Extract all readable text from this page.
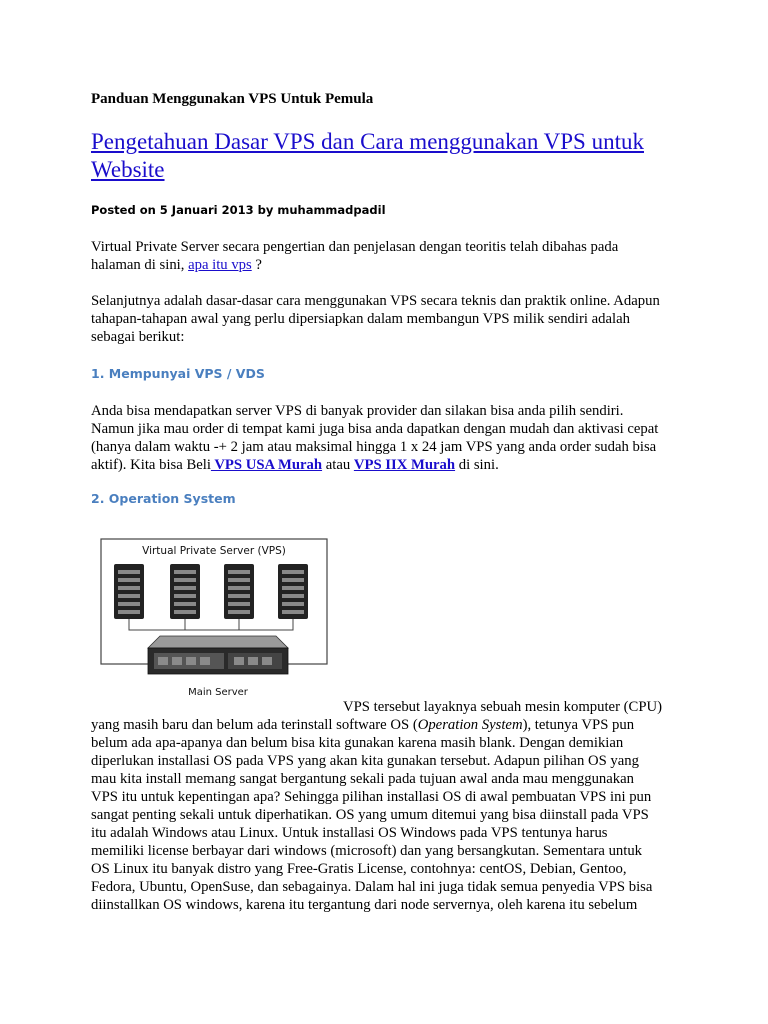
Panduan Menggunakan VPS Untuk Pemula
Pengetahuan Dasar VPS dan Cara menggunakan VPS untuk Website
Posted on 5 Januari 2013 by muhammadpadil
Virtual Private Server secara pengertian dan penjelasan dengan teoritis telah dibahas pada
halaman di sini, apa itu vps ?
Selanjutnya adalah dasar-dasar cara menggunakan VPS secara teknis dan praktik online. Adapun
tahapan-tahapan awal yang perlu dipersiapkan dalam membangun VPS milik sendiri adalah
sebagai berikut:
1. Mempunyai VPS / VDS
Anda bisa mendapatkan server VPS di banyak provider dan silakan bisa anda pilih sendiri.
Namun jika mau order di tempat kami juga bisa anda dapatkan dengan mudah dan aktivasi cepat
(hanya dalam waktu -+ 2 jam atau maksimal hingga 1 x 24 jam VPS yang anda order sudah bisa
aktif). Kita bisa Beli VPS USA Murah atau VPS IIX Murah di sini.
2. Operation System
Virtual Private Server (VPS)
Main Server
VPS tersebut layaknya sebuah mesin komputer (CPU)
yang masih baru dan belum ada terinstall software OS (Operation System), tetunya VPS pun
belum ada apa-apanya dan belum bisa kita gunakan karena masih blank. Dengan demikian
diperlukan installasi OS pada VPS yang akan kita gunakan tersebut. Adapun pilihan OS yang
mau kita install memang sangat bergantung sekali pada tujuan awal anda mau menggunakan
VPS itu untuk kepentingan apa? Sehingga pilihan installasi OS di awal pembuatan VPS ini pun
sangat penting sekali untuk diperhatikan. OS yang umum ditemui yang bisa diinstall pada VPS
itu adalah Windows atau Linux. Untuk installasi OS Windows pada VPS tentunya harus
memiliki license berbayar dari windows (microsoft) dan yang bersangkutan. Sementara untuk
OS Linux itu banyak distro yang Free-Gratis License, contohnya: centOS, Debian, Gentoo,
Fedora, Ubuntu, OpenSuse, dan sebagainya. Dalam hal ini juga tidak semua penyedia VPS bisa
diinstallkan OS windows, karena itu tergantung dari node servernya, oleh karena itu sebelum
